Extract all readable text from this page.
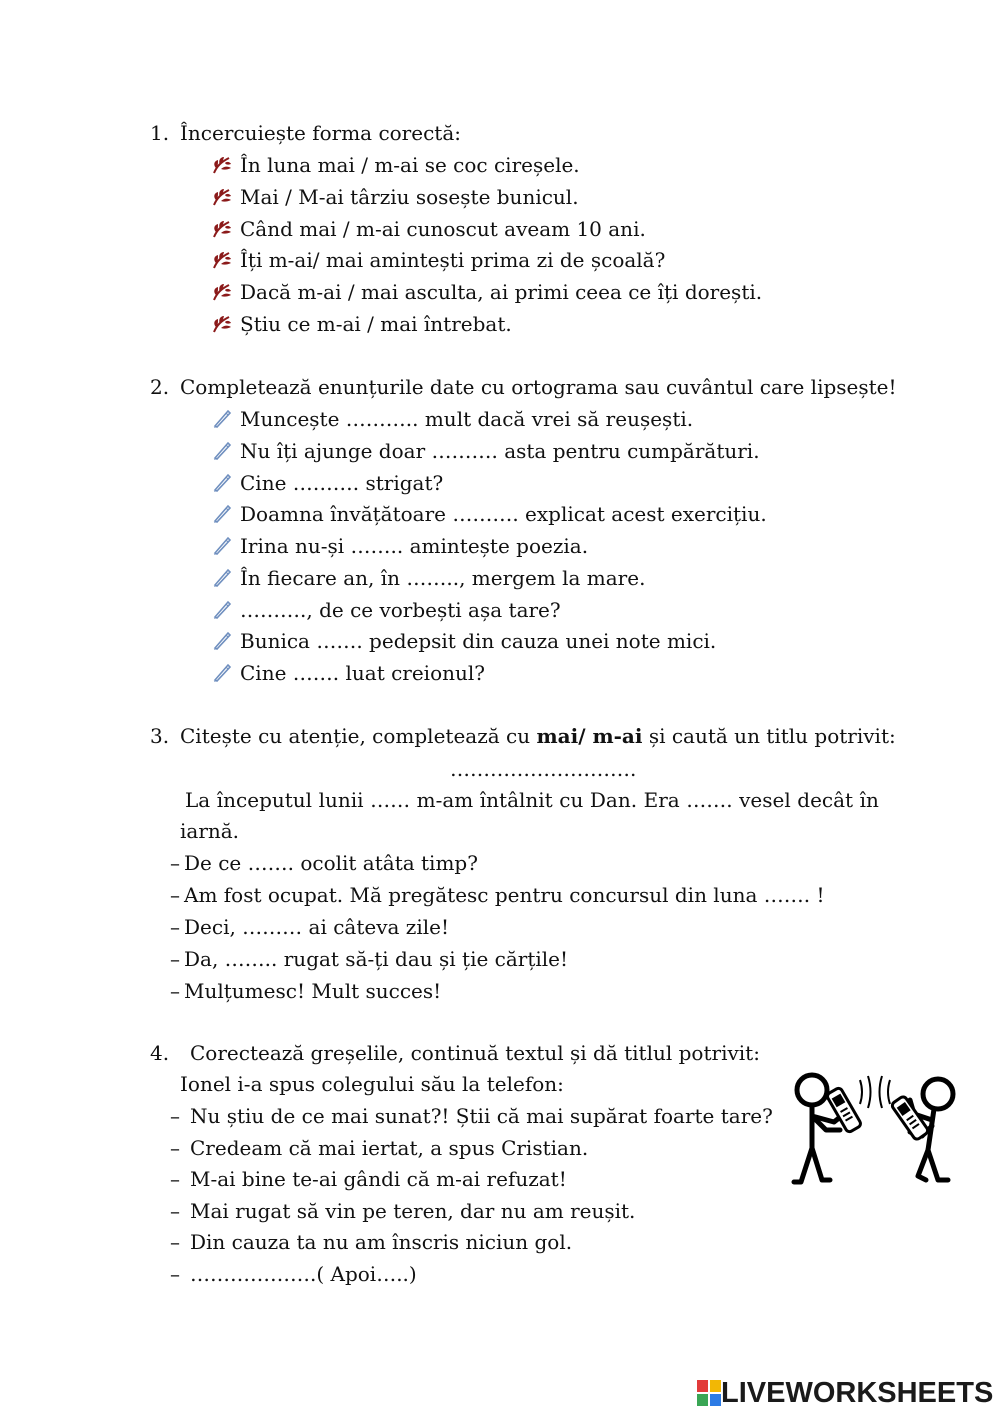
1. Încercuiește forma corectă:
În luna mai / m-ai se coc cireșele.
Mai / M-ai târziu sosește bunicul.
Când mai / m-ai cunoscut aveam 10 ani.
Îți m-ai/ mai amintești prima zi de școală?
Dacă m-ai / mai asculta, ai primi ceea ce îți dorești.
Știu ce m-ai / mai întrebat.
2. Completează enunțurile date cu ortograma sau cuvântul care lipsește!
Muncește ……….. mult dacă vrei să reușești.
Nu îți ajunge doar ………. asta pentru cumpărături.
Cine ………. strigat?
Doamna învățătoare ………. explicat acest exercițiu.
Irina nu-și …….. amintește poezia.
În fiecare an, în …….., mergem la mare.
………., de ce vorbești așa tare?
Bunica ……. pedepsit din cauza unei note mici.
Cine ……. luat creionul?
3. Citește cu atenție, completează cu mai/ m-ai și caută un titlu potrivit:
……………………….
La începutul lunii …… m-am întâlnit cu Dan. Era ……. vesel decât în
iarnă.
– De ce ……. ocolit atâta timp?
– Am fost ocupat. Mă pregătesc pentru concursul din luna ……. !
– Deci, ……… ai câteva zile!
– Da, …….. rugat să-ți dau și ție cărțile!
– Mulțumesc! Mult succes!
4. Corectează greșelile, continuă textul și dă titlul potrivit:
Ionel i-a spus colegului său la telefon:
– Nu știu de ce mai sunat?! Știi că mai supărat foarte tare?
– Credeam că mai iertat, a spus Cristian.
– M-ai bine te-ai gândi că m-ai refuzat!
– Mai rugat să vin pe teren, dar nu am reușit.
– Din cauza ta nu am înscris niciun gol.
– ……………….( Apoi…..)
LIVEWORKSHEETS
